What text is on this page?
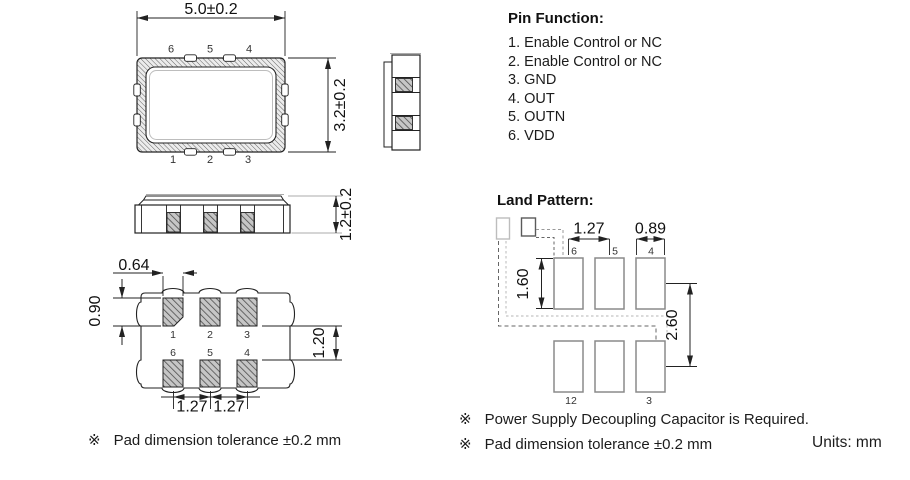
5.0±0.2
6	5	4
1	2	3
3.2±0.2
1.2±0.2
1	2	3
6	5	4
0.64
0.90
1.20
1.27 1.27
6	5	4
12	3
1.27 0.89
1.60
2.60
Pin Function:
1. Enable Control or NC
2. Enable Control or NC
3. GND
4. OUT
5. OUTN
6. VDD
Land Pattern:
※ Pad dimension tolerance ±0.2 mm
※ Power Supply Decoupling Capacitor is Required.
※ Pad dimension tolerance ±0.2 mm	Units: mm
